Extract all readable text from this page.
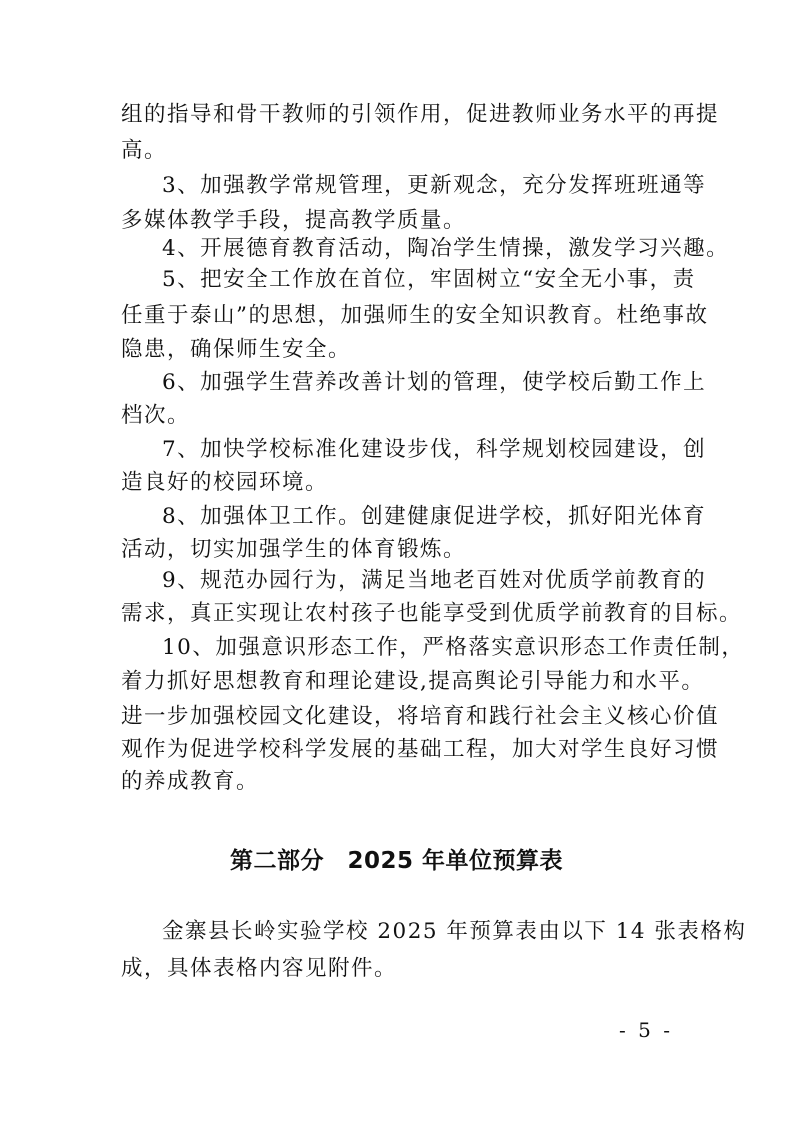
组的指导和骨干教师的引领作用，促进教师业务水平的再提
高。
3、加强教学常规管理，更新观念，充分发挥班班通等
多媒体教学手段，提高教学质量。
4、开展德育教育活动，陶冶学生情操，激发学习兴趣。
5、把安全工作放在首位，牢固树立“安全无小事，责
任重于泰山”的思想，加强师生的安全知识教育。杜绝事故
隐患，确保师生安全。
6、加强学生营养改善计划的管理，使学校后勤工作上
档次。
7、加快学校标准化建设步伐，科学规划校园建设，创
造良好的校园环境。
8、加强体卫工作。创建健康促进学校，抓好阳光体育
活动，切实加强学生的体育锻炼。
9、规范办园行为，满足当地老百姓对优质学前教育的
需求，真正实现让农村孩子也能享受到优质学前教育的目标。
10、加强意识形态工作，严格落实意识形态工作责任制，
着力抓好思想教育和理论建设,提高舆论引导能力和水平。
进一步加强校园文化建设，将培育和践行社会主义核心价值
观作为促进学校科学发展的基础工程，加大对学生良好习惯
的养成教育。
第二部分　2025 年单位预算表
金寨县长岭实验学校 2025 年预算表由以下 14 张表格构
成，具体表格内容见附件。
- 5 -
